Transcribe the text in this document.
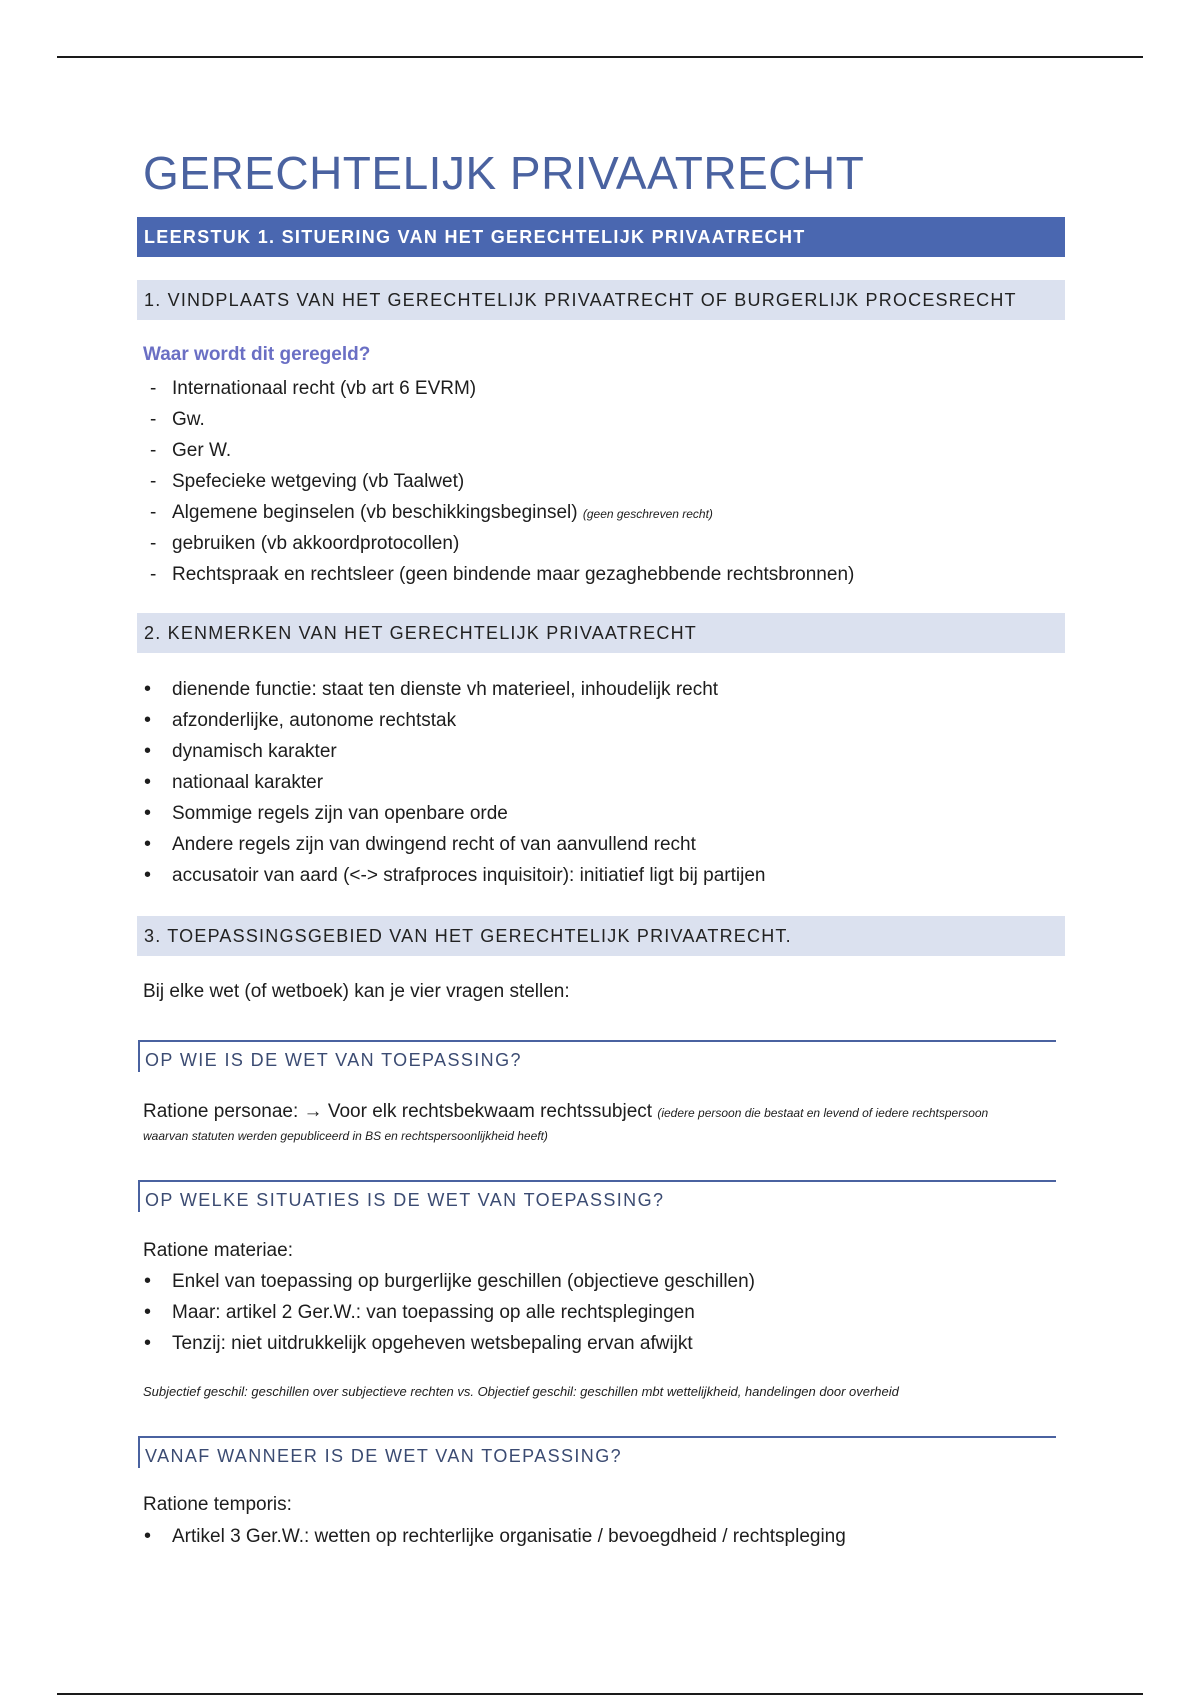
GERECHTELIJK PRIVAATRECHT
LEERSTUK 1. SITUERING VAN HET GERECHTELIJK PRIVAATRECHT
1. VINDPLAATS VAN HET GERECHTELIJK PRIVAATRECHT OF BURGERLIJK PROCESRECHT
Waar wordt dit geregeld?
- Internationaal recht (vb art 6 EVRM)
- Gw.
- Ger W.
- Spefecieke wetgeving (vb Taalwet)
- Algemene beginselen (vb beschikkingsbeginsel) (geen geschreven recht)
- gebruiken (vb akkoordprotocollen)
- Rechtspraak en rechtsleer (geen bindende maar gezaghebbende rechtsbronnen)
2. KENMERKEN VAN HET GERECHTELIJK PRIVAATRECHT
• dienende functie: staat ten dienste vh materieel, inhoudelijk recht
• afzonderlijke, autonome rechtstak
• dynamisch karakter
• nationaal karakter
• Sommige regels zijn van openbare orde
• Andere regels zijn van dwingend recht of van aanvullend recht
• accusatoir van aard (<-> strafproces inquisitoir): initiatief ligt bij partijen
3. TOEPASSINGSGEBIED VAN HET GERECHTELIJK PRIVAATRECHT.
Bij elke wet (of wetboek) kan je vier vragen stellen:
OP WIE IS DE WET VAN TOEPASSING?
Ratione personae: → Voor elk rechtsbekwaam rechtssubject (iedere persoon die bestaat en levend of iedere rechtspersoon waarvan statuten werden gepubliceerd in BS en rechtspersoonlijkheid heeft)
OP WELKE SITUATIES IS DE WET VAN TOEPASSING?
Ratione materiae:
• Enkel van toepassing op burgerlijke geschillen (objectieve geschillen)
• Maar: artikel 2 Ger.W.: van toepassing op alle rechtsplegingen
• Tenzij: niet uitdrukkelijk opgeheven wetsbepaling ervan afwijkt
Subjectief geschil: geschillen over subjectieve rechten vs. Objectief geschil: geschillen mbt wettelijkheid, handelingen door overheid
VANAF WANNEER IS DE WET VAN TOEPASSING?
Ratione temporis:
• Artikel 3 Ger.W.: wetten op rechterlijke organisatie / bevoegdheid / rechtspleging
